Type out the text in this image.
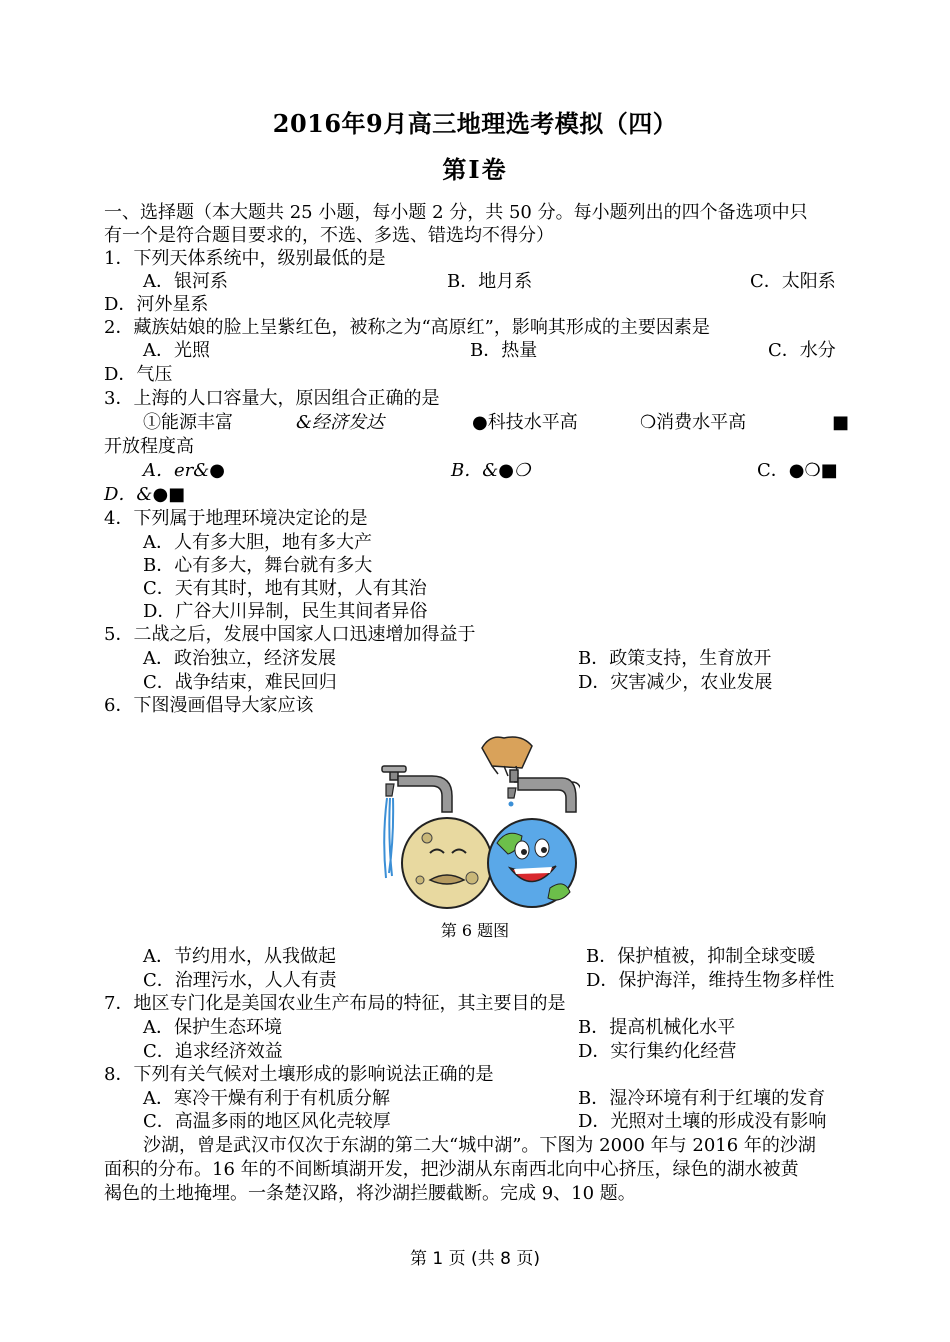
2016年9月高三地理选考模拟（四）
第Ⅰ卷
一、选择题（本大题共 25 小题，每小题 2 分，共 50 分。每小题列出的四个备选项中只
有一个是符合题目要求的，不选、多选、错选均不得分）
1．下列天体系统中，级别最低的是
A．银河系	B．地月系	C．太阳系
D．河外星系
2．藏族姑娘的脸上呈紫红色，被称之为“高原红”，影响其形成的主要因素是
A．光照	B．热量	C．水分
D．气压
3．上海的人口容量大，原因组合正确的是
①能源丰富	&经济发达	●科技水平高	❍消费水平高	■
开放程度高
A．er&●	B．&●❍	C．●❍■
D．&●■
4．下列属于地理环境决定论的是
A．人有多大胆，地有多大产
B．心有多大，舞台就有多大
C．天有其时，地有其财，人有其治
D．广谷大川异制，民生其间者异俗
5．二战之后，发展中国家人口迅速增加得益于
A．政治独立，经济发展	B．政策支持，生育放开
C．战争结束，难民回归	D．灾害减少，农业发展
6．下图漫画倡导大家应该
第 6 题图
A．节约用水，从我做起	B．保护植被，抑制全球变暖
C．治理污水，人人有责	D．保护海洋，维持生物多样性
7．地区专门化是美国农业生产布局的特征，其主要目的是
A．保护生态环境	B．提高机械化水平
C．追求经济效益	D．实行集约化经营
8．下列有关气候对土壤形成的影响说法正确的是
A．寒冷干燥有利于有机质分解	B．湿冷环境有利于红壤的发育
C．高温多雨的地区风化壳较厚	D．光照对土壤的形成没有影响
沙湖，曾是武汉市仅次于东湖的第二大“城中湖”。下图为 2000 年与 2016 年的沙湖
面积的分布。16 年的不间断填湖开发，把沙湖从东南西北向中心挤压，绿色的湖水被黄
褐色的土地掩埋。一条楚汉路，将沙湖拦腰截断。完成 9、10 题。
第 1 页 (共 8 页)
